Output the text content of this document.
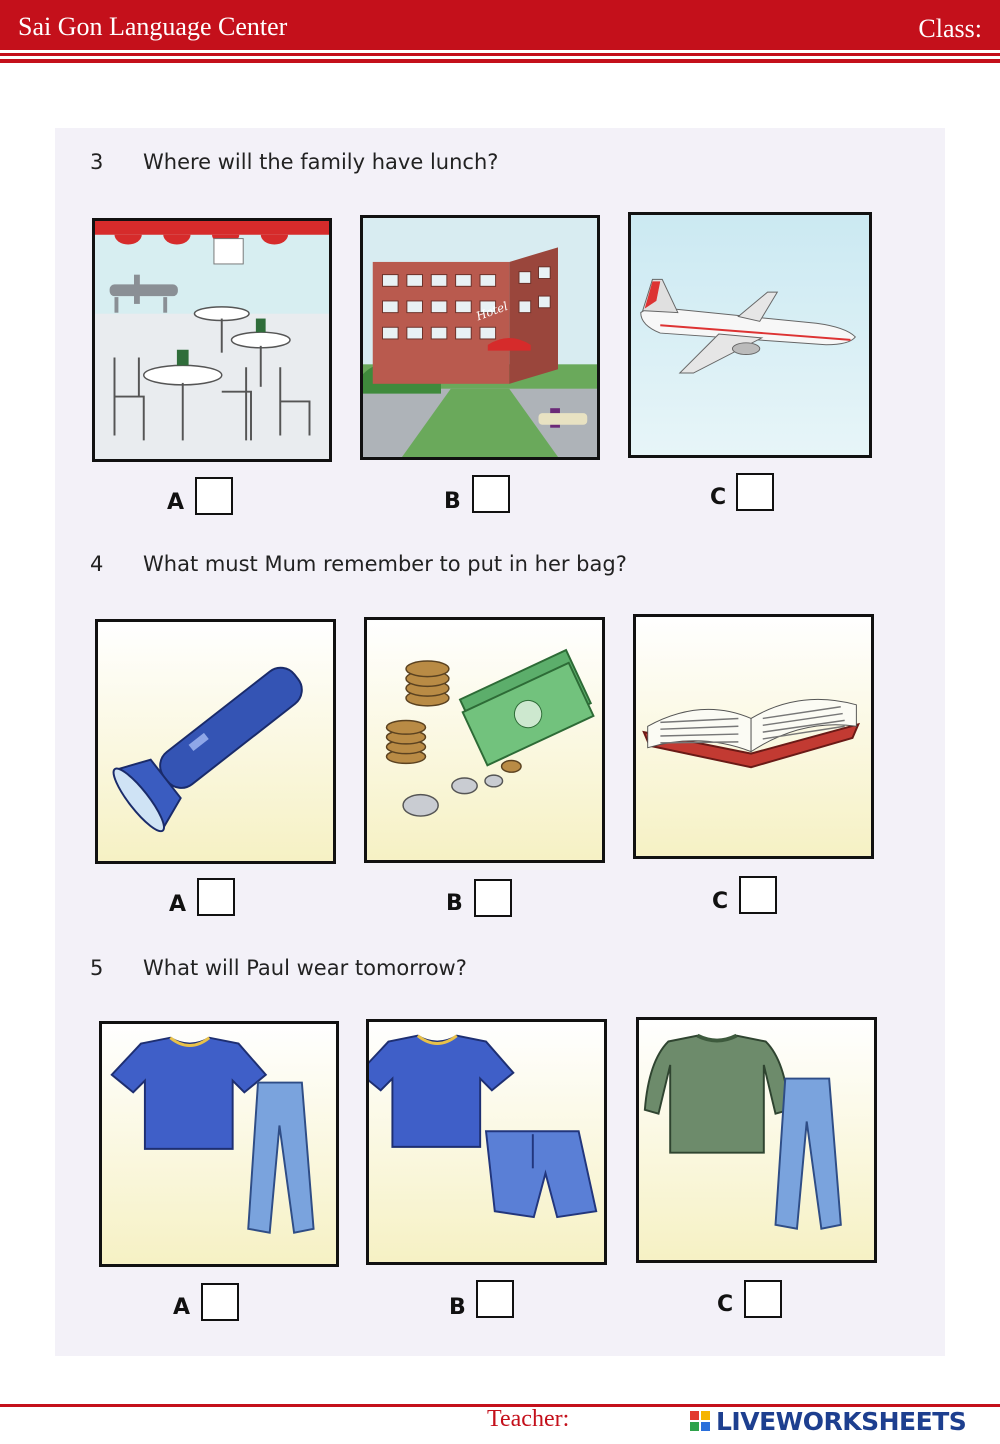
Sai Gon Language Center	Class:
3 Where will the family have lunch?
A
Hotel
B	C
4 What must Mum remember to put in her bag?
A	B	C
5 What will Paul wear tomorrow?
A	B	C
Teacher:	LIVEWORKSHEETS
